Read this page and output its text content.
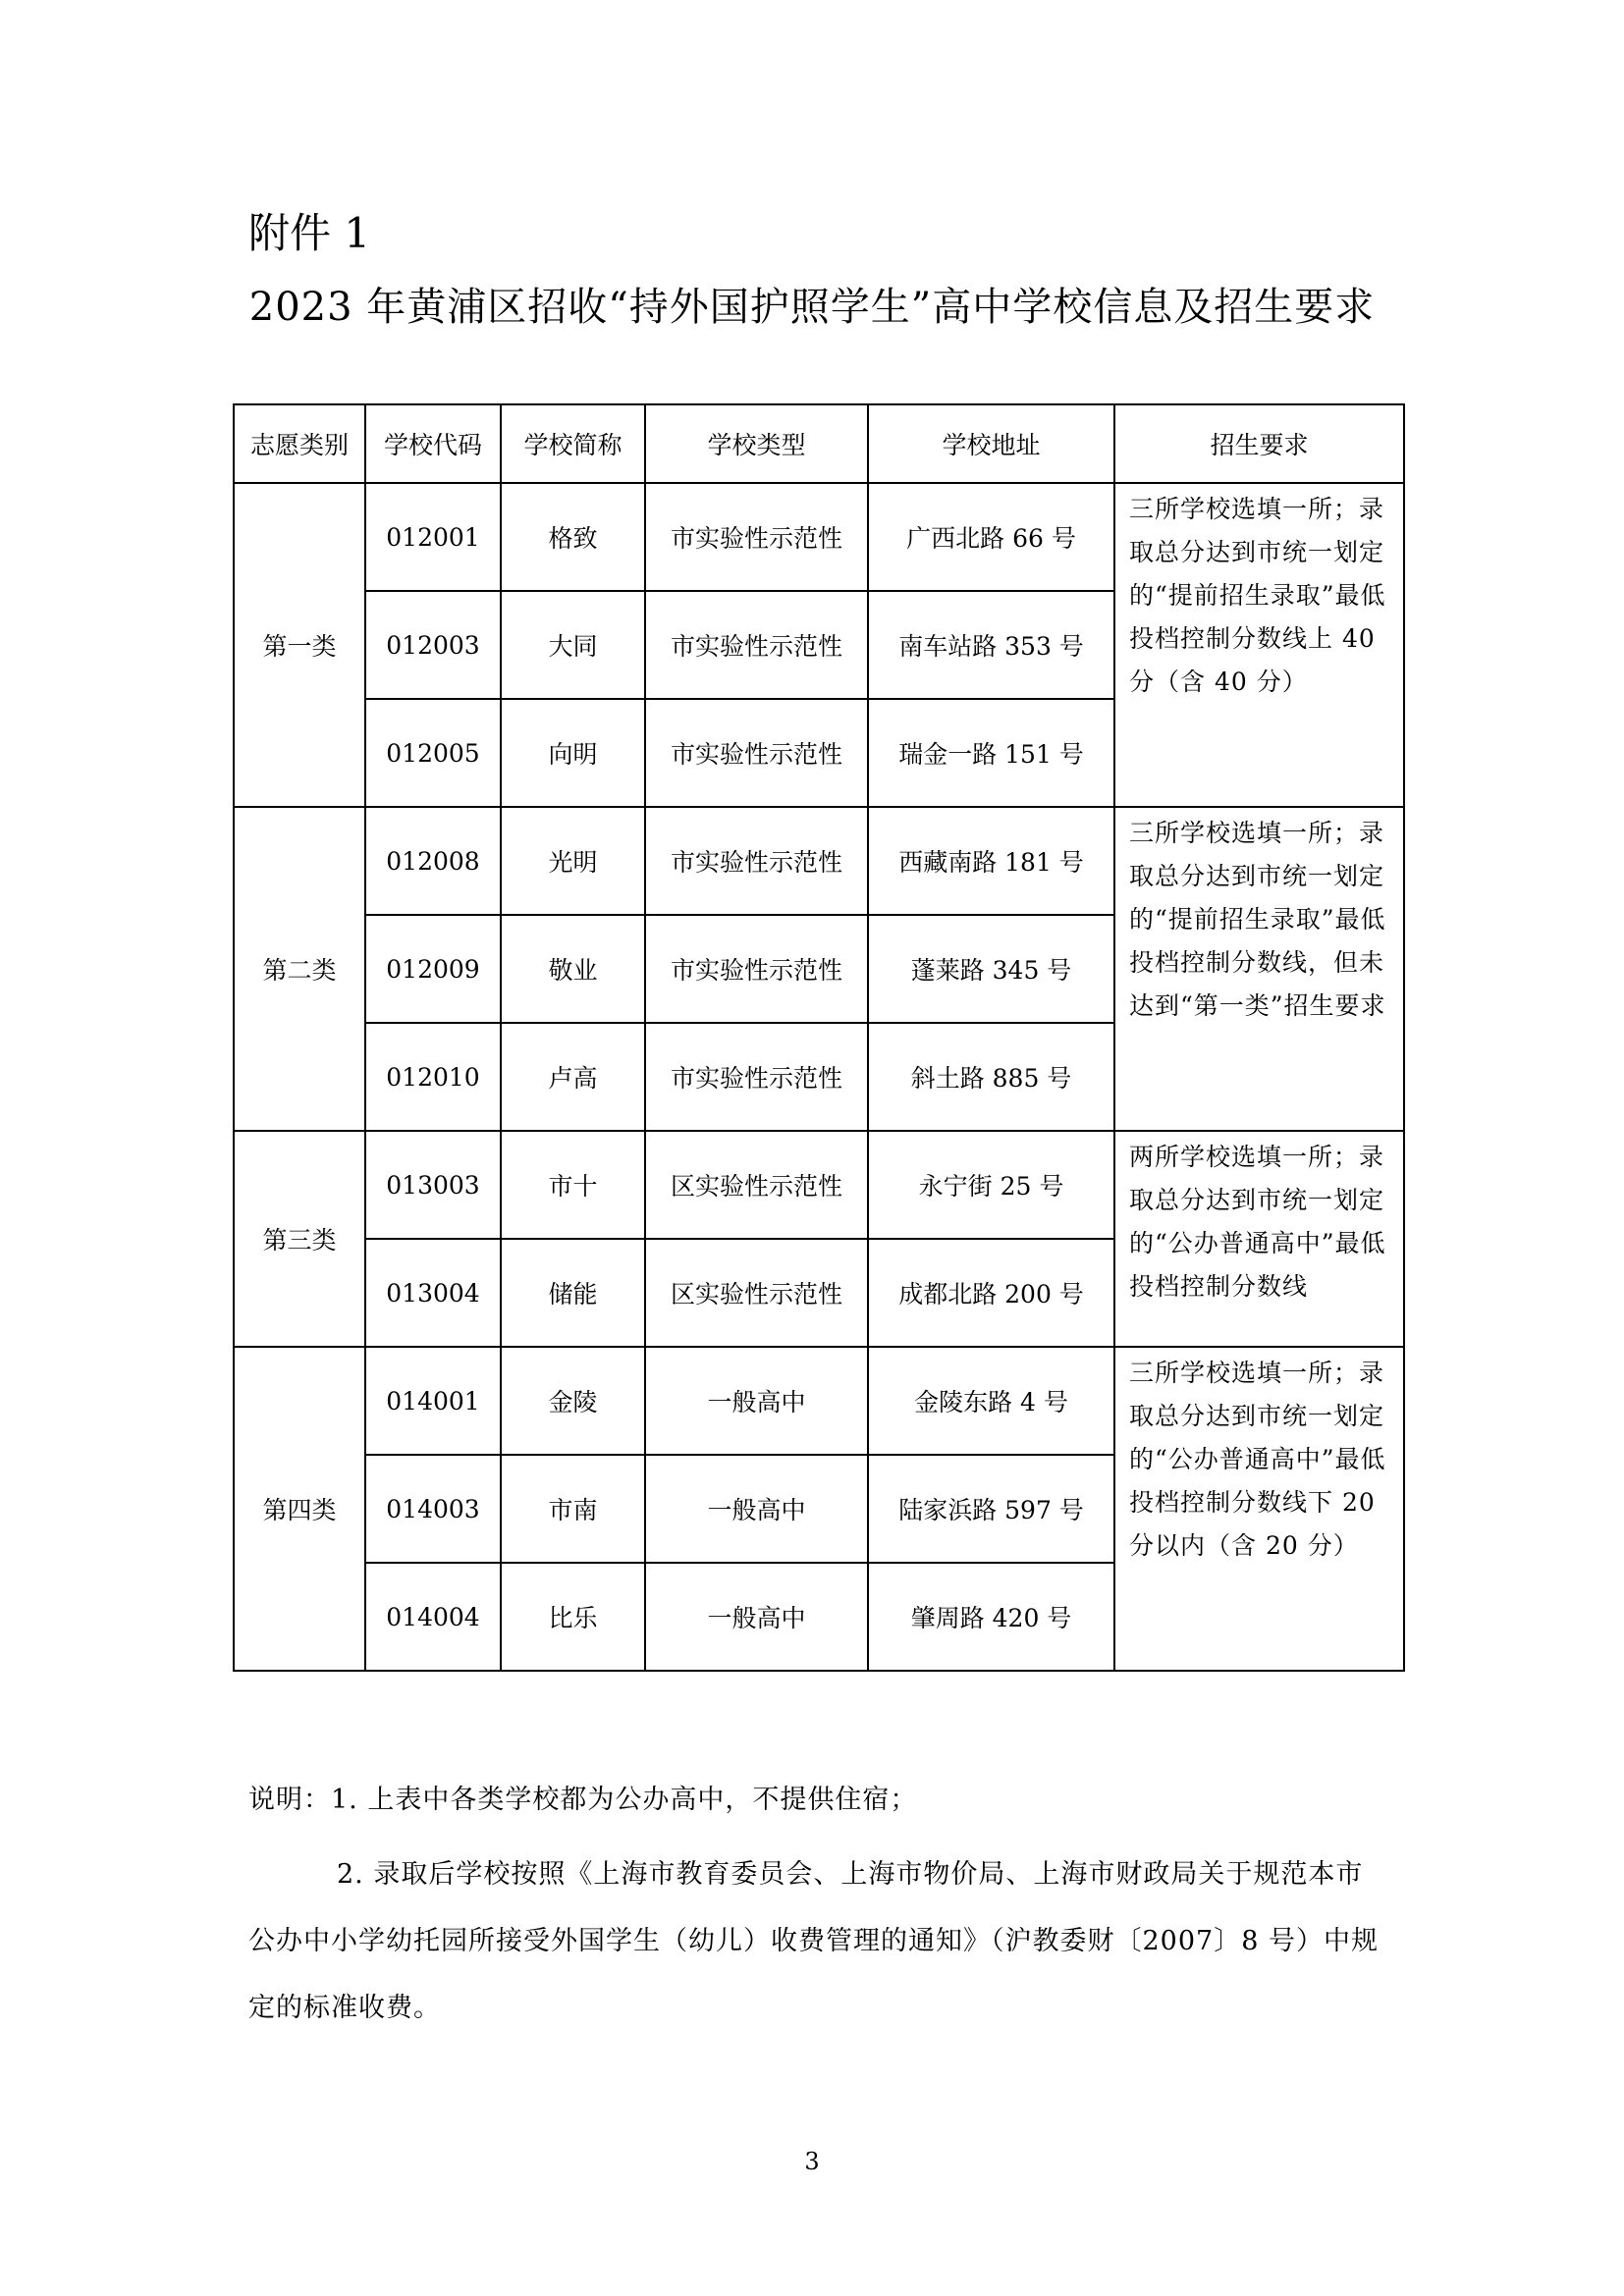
附件 1
2023 年黄浦区招收“持外国护照学生”高中学校信息及招生要求
志愿类别	学校代码	学校简称	学校类型	学校地址	招生要求
第一类	012001	格致	市实验性示范性	广西北路 66 号	三所学校选填一所；录取总分达到市统一划定的“提前招生录取”最低投档控制分数线上 40 分（含 40 分）
	012003	大同	市实验性示范性	南车站路 353 号	
	012005	向明	市实验性示范性	瑞金一路 151 号	
第二类	012008	光明	市实验性示范性	西藏南路 181 号	三所学校选填一所；录取总分达到市统一划定的“提前招生录取”最低投档控制分数线，但未达到“第一类”招生要求
	012009	敬业	市实验性示范性	蓬莱路 345 号	
	012010	卢高	市实验性示范性	斜土路 885 号	
第三类	013003	市十	区实验性示范性	永宁街 25 号	两所学校选填一所；录取总分达到市统一划定的“公办普通高中”最低投档控制分数线
	013004	储能	区实验性示范性	成都北路 200 号	
第四类	014001	金陵	一般高中	金陵东路 4 号	三所学校选填一所；录取总分达到市统一划定的“公办普通高中”最低投档控制分数线下 20 分以内（含 20 分）
	014003	市南	一般高中	陆家浜路 597 号	
	014004	比乐	一般高中	肇周路 420 号	
说明：1. 上表中各类学校都为公办高中，不提供住宿；
2. 录取后学校按照《上海市教育委员会、上海市物价局、上海市财政局关于规范本市公办中小学幼托园所接受外国学生（幼儿）收费管理的通知》（沪教委财〔2007〕8 号）中规定的标准收费。
3
